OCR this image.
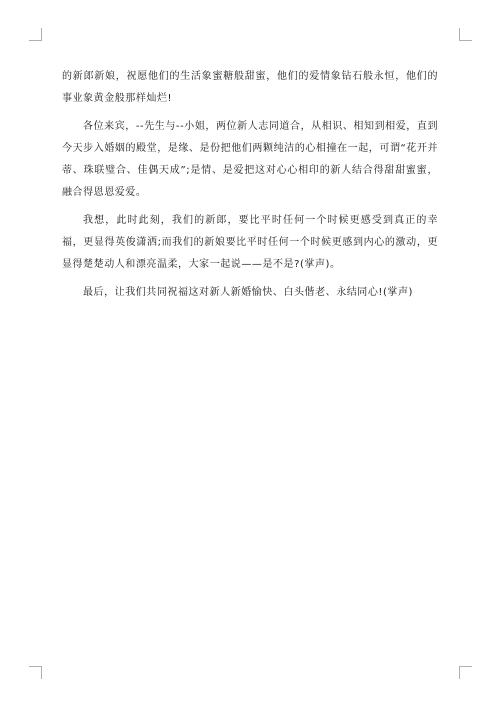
的新郎新娘，祝愿他们的生活象蜜糖般甜蜜，他们的爱情象钻石般永恒，他们的事业象黄金般那样灿烂!

各位来宾，--先生与--小姐，两位新人志同道合，从相识、相知到相爱，直到今天步入婚姻的殿堂，是缘、是份把他们两颗纯洁的心相撞在一起，可谓“花开并蒂、珠联璧合、佳偶天成”;是情、是爱把这对心心相印的新人结合得甜甜蜜蜜，融合得恩恩爱爱。

我想，此时此刻，我们的新郎，要比平时任何一个时候更感受到真正的幸福，更显得英俊潇洒;而我们的新娘要比平时任何一个时候更感到内心的激动，更显得楚楚动人和漂亮温柔，大家一起说——是不是?(掌声)。

最后，让我们共同祝福这对新人新婚愉快、白头偕老、永结同心!(掌声)
